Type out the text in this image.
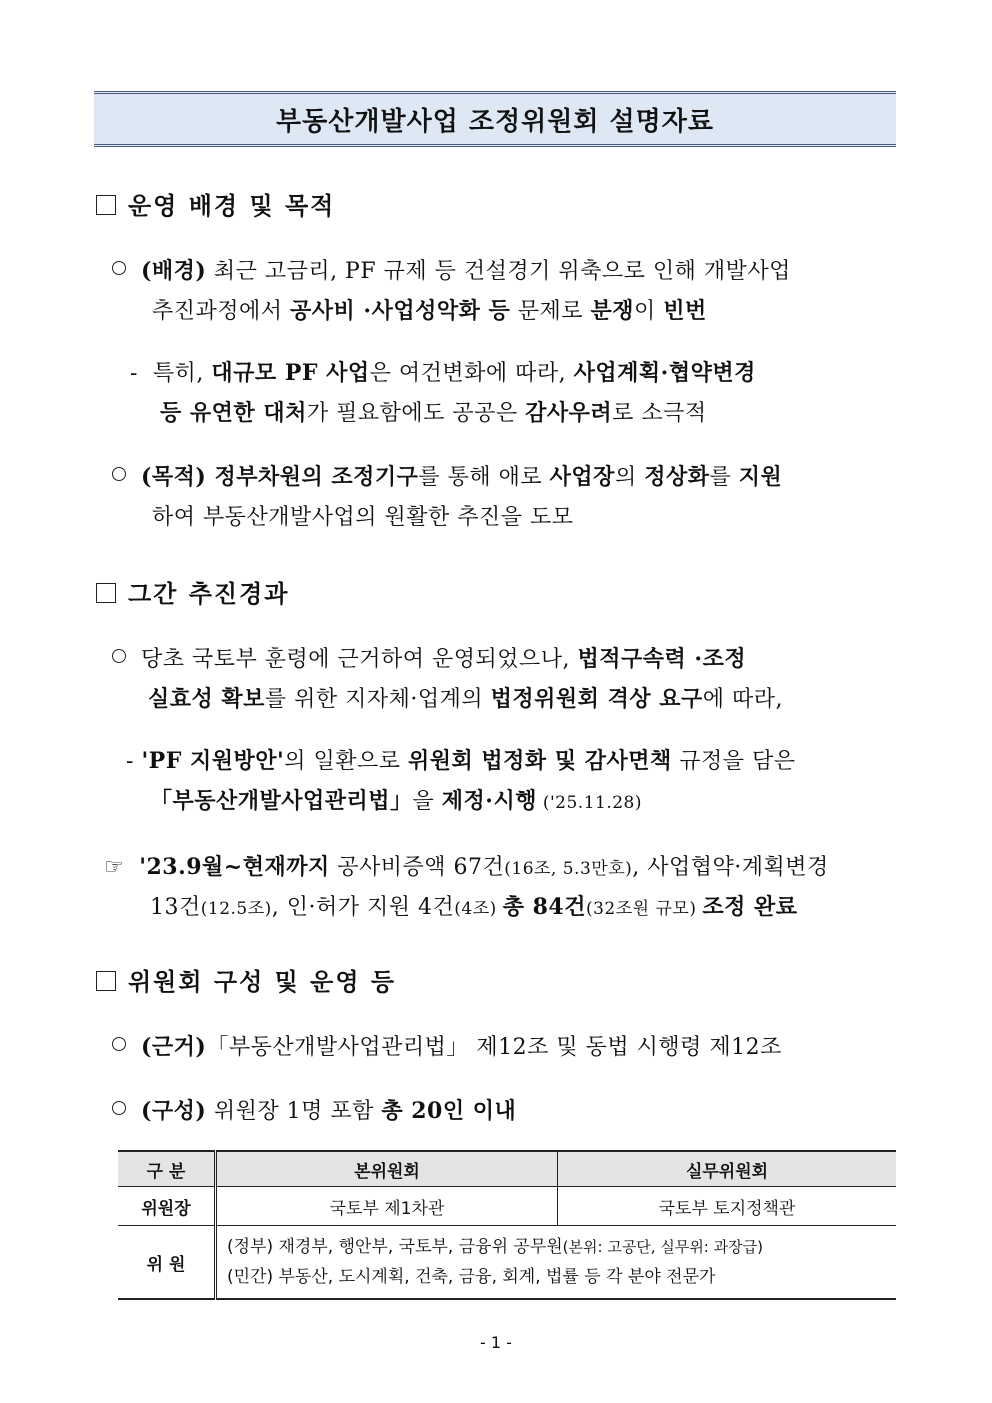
부동산개발사업 조정위원회 설명자료
운영 배경 및 목적
(배경) 최근 고금리, PF 규제 등 건설경기 위축으로 인해 개발사업
추진과정에서 공사비 ·사업성악화 등 문제로 분쟁이 빈번
-  특히, 대규모 PF 사업은 여건변화에 따라, 사업계획·협약변경
등 유연한 대처가 필요함에도 공공은 감사우려로 소극적
(목적) 정부차원의 조정기구를 통해 애로 사업장의 정상화를 지원
하여 부동산개발사업의 원활한 추진을 도모
그간 추진경과
당초 국토부 훈령에 근거하여 운영되었으나, 법적구속력 ·조정
실효성 확보를 위한 지자체·업계의 법정위원회 격상 요구에 따라,
- 'PF 지원방안'의 일환으로 위원회 법정화 및 감사면책 규정을 담은
「부동산개발사업관리법」을 제정·시행 ('25.11.28)
☞ '23.9월~현재까지 공사비증액 67건(16조, 5.3만호), 사업협약·계획변경
13건(12.5조), 인·허가 지원 4건(4조) 총 84건(32조원 규모) 조정 완료
위원회 구성 및 운영 등
(근거)「부동산개발사업관리법」 제12조 및 동법 시행령 제12조
(구성) 위원장 1명 포함 총 20인 이내
구 분	본위원회	실무위원회
위원장	국토부 제1차관	국토부 토지정책관
위 원	(정부) 재경부, 행안부, 국토부, 금융위 공무원(본위: 고공단, 실무위: 과장급)
(민간) 부동산, 도시계획, 건축, 금융, 회계, 법률 등 각 분야 전문가	
- 1 -
